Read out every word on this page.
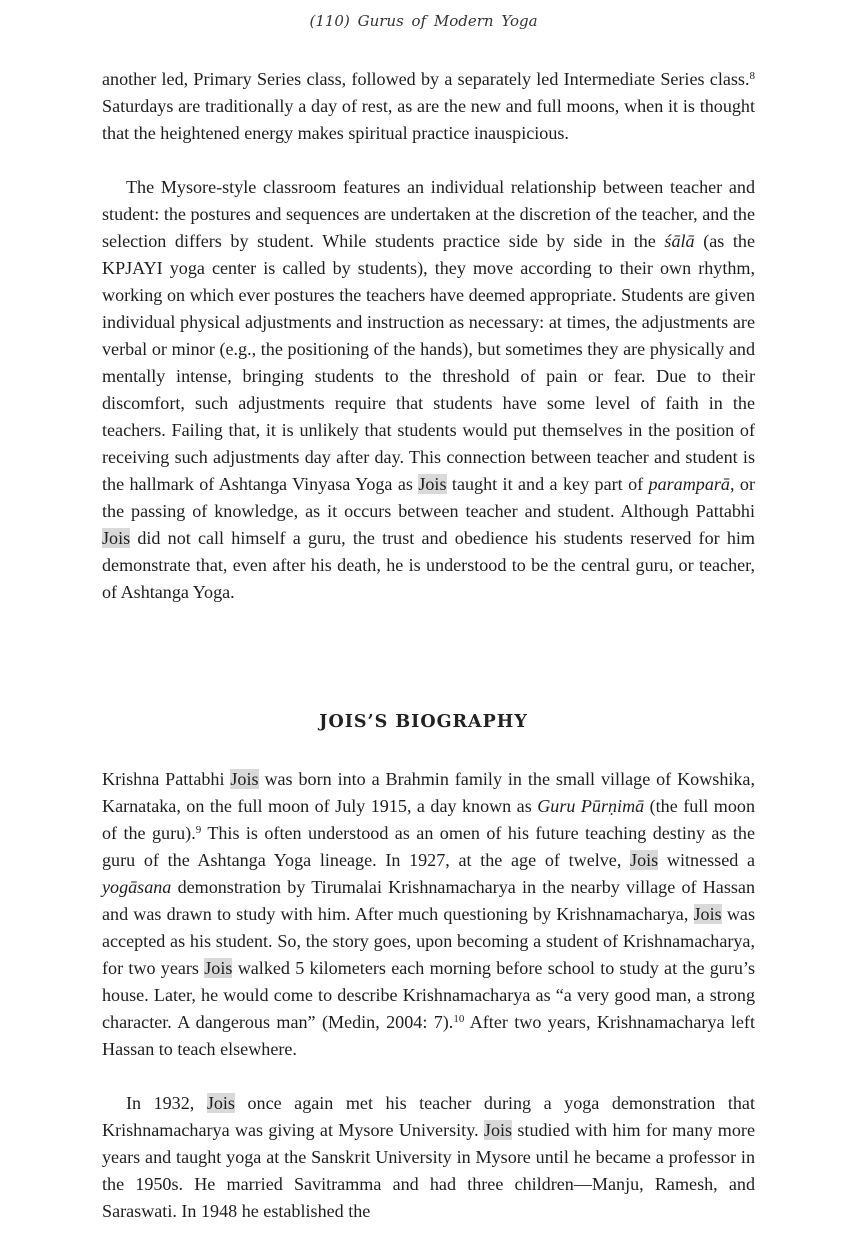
(110) Gurus of Modern Yoga

another led, Primary Series class, followed by a separately led Intermediate Series class.$^8$ Saturdays are traditionally a day of rest, as are the new and full moons, when it is thought that the heightened energy makes spiritual practice inauspicious.

The Mysore-style classroom features an individual relationship between teacher and student: the postures and sequences are undertaken at the discretion of the teacher, and the selection differs by student. While students practice side by side in the śālā (as the KPJAYI yoga center is called by students), they move according to their own rhythm, working on which ever postures the teachers have deemed appropriate. Students are given individual physical adjustments and instruction as necessary: at times, the adjustments are verbal or minor (e.g., the positioning of the hands), but sometimes they are physically and mentally intense, bringing students to the threshold of pain or fear. Due to their discomfort, such adjustments require that students have some level of faith in the teachers. Failing that, it is unlikely that students would put themselves in the position of receiving such adjustments day after day. This connection between teacher and student is the hallmark of Ashtanga Vinyasa Yoga as Jois taught it and a key part of paramparā, or the passing of knowledge, as it occurs between teacher and student. Although Pattabhi Jois did not call himself a guru, the trust and obedience his students reserved for him demonstrate that, even after his death, he is understood to be the central guru, or teacher, of Ashtanga Yoga.

JOIS’S BIOGRAPHY

Krishna Pattabhi Jois was born into a Brahmin family in the small village of Kowshika, Karnataka, on the full moon of July 1915, a day known as Guru Pūrṇimā (the full moon of the guru).$^9$ This is often understood as an omen of his future teaching destiny as the guru of the Ashtanga Yoga lineage. In 1927, at the age of twelve, Jois witnessed a yogāsana demonstration by Tirumalai Krishnamacharya in the nearby village of Hassan and was drawn to study with him. After much questioning by Krishnamacharya, Jois was accepted as his student. So, the story goes, upon becoming a student of Krishnamacharya, for two years Jois walked 5 kilometers each morning before school to study at the guru’s house. Later, he would come to describe Krishnamacharya as “a very good man, a strong character. A dangerous man” (Medin, 2004: 7).$^{10}$ After two years, Krishnamacharya left Hassan to teach elsewhere.

In 1932, Jois once again met his teacher during a yoga demonstration that Krishnamacharya was giving at Mysore University. Jois studied with him for many more years and taught yoga at the Sanskrit University in Mysore until he became a professor in the 1950s. He married Savitramma and had three children—Manju, Ramesh, and Saraswati. In 1948 he established the
